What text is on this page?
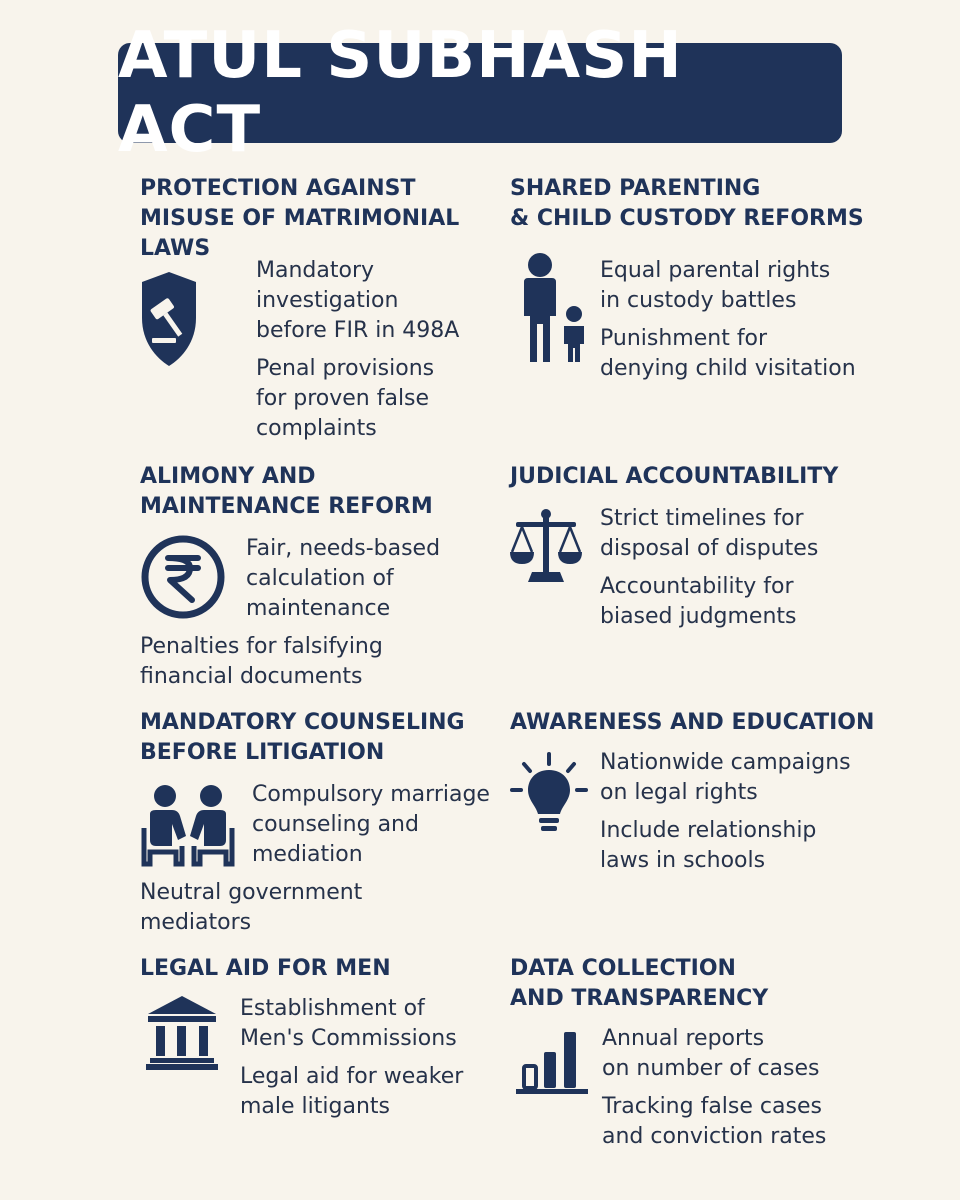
ATUL SUBHASH ACT
PROTECTION AGAINST
MISUSE OF MATRIMONIAL
LAWS
Mandatory
investigation
before FIR in 498A
Penal provisions
for proven false
complaints
SHARED PARENTING
& CHILD CUSTODY REFORMS
Equal parental rights
in custody battles
Punishment for
denying child visitation
ALIMONY AND
MAINTENANCE REFORM
Fair, needs-based
calculation of
maintenance
Penalties for falsifying
financial documents
JUDICIAL ACCOUNTABILITY
Strict timelines for
disposal of disputes
Accountability for
biased judgments
MANDATORY COUNSELING
BEFORE LITIGATION
Compulsory marriage
counseling and
mediation
Neutral government
mediators
AWARENESS AND EDUCATION
Nationwide campaigns
on legal rights
Include relationship
laws in schools
LEGAL AID FOR MEN
Establishment of
Men's Commissions
Legal aid for weaker
male litigants
DATA COLLECTION
AND TRANSPARENCY
Annual reports
on number of cases
Tracking false cases
and conviction rates
